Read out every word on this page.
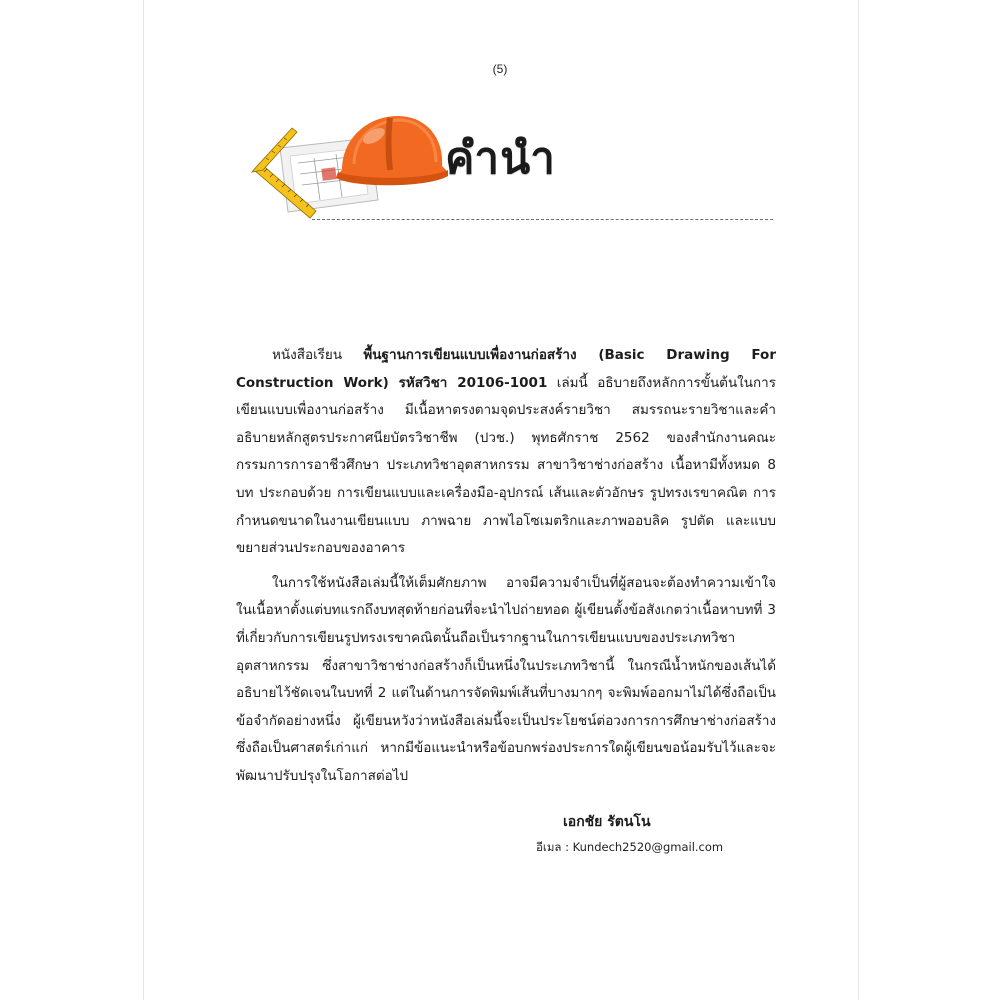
(5)
คำนำ

หนังสือเรียน พื้นฐานการเขียนแบบเพื่องานก่อสร้าง (Basic Drawing For Construction Work) รหัสวิชา 20106-1001 เล่มนี้ อธิบายถึงหลักการขั้นต้นในการเขียนแบบเพื่องานก่อสร้าง มีเนื้อหาตรงตามจุดประสงค์รายวิชา สมรรถนะรายวิชาและคำอธิบายหลักสูตรประกาศนียบัตรวิชาชีพ (ปวช.) พุทธศักราช 2562 ของสำนักงานคณะกรรมการการอาชีวศึกษา ประเภทวิชาอุตสาหกรรม สาขาวิชาช่างก่อสร้าง เนื้อหามีทั้งหมด 8 บท ประกอบด้วย การเขียนแบบและเครื่องมือ-อุปกรณ์ เส้นและตัวอักษร รูปทรงเรขาคณิต การกำหนดขนาดในงานเขียนแบบ ภาพฉาย ภาพไอโซเมตริกและภาพออบลิค รูปตัด และแบบขยายส่วนประกอบของอาคาร

ในการใช้หนังสือเล่มนี้ให้เต็มศักยภาพ อาจมีความจำเป็นที่ผู้สอนจะต้องทำความเข้าใจในเนื้อหาตั้งแต่บทแรกถึงบทสุดท้ายก่อนที่จะนำไปถ่ายทอด ผู้เขียนตั้งข้อสังเกตว่าเนื้อหาบทที่ 3 ที่เกี่ยวกับการเขียนรูปทรงเรขาคณิตนั้นถือเป็นรากฐานในการเขียนแบบของประเภทวิชาอุตสาหกรรม ซึ่งสาขาวิชาช่างก่อสร้างก็เป็นหนึ่งในประเภทวิชานี้ ในกรณีน้ำหนักของเส้นได้อธิบายไว้ชัดเจนในบทที่ 2 แต่ในด้านการจัดพิมพ์เส้นที่บางมากๆ จะพิมพ์ออกมาไม่ได้ซึ่งถือเป็นข้อจำกัดอย่างหนึ่ง ผู้เขียนหวังว่าหนังสือเล่มนี้จะเป็นประโยชน์ต่อวงการการศึกษาช่างก่อสร้างซึ่งถือเป็นศาสตร์เก่าแก่ หากมีข้อแนะนำหรือข้อบกพร่องประการใดผู้เขียนขอน้อมรับไว้และจะพัฒนาปรับปรุงในโอกาสต่อไป

เอกชัย รัตนโน
อีเมล : Kundech2520@gmail.com
